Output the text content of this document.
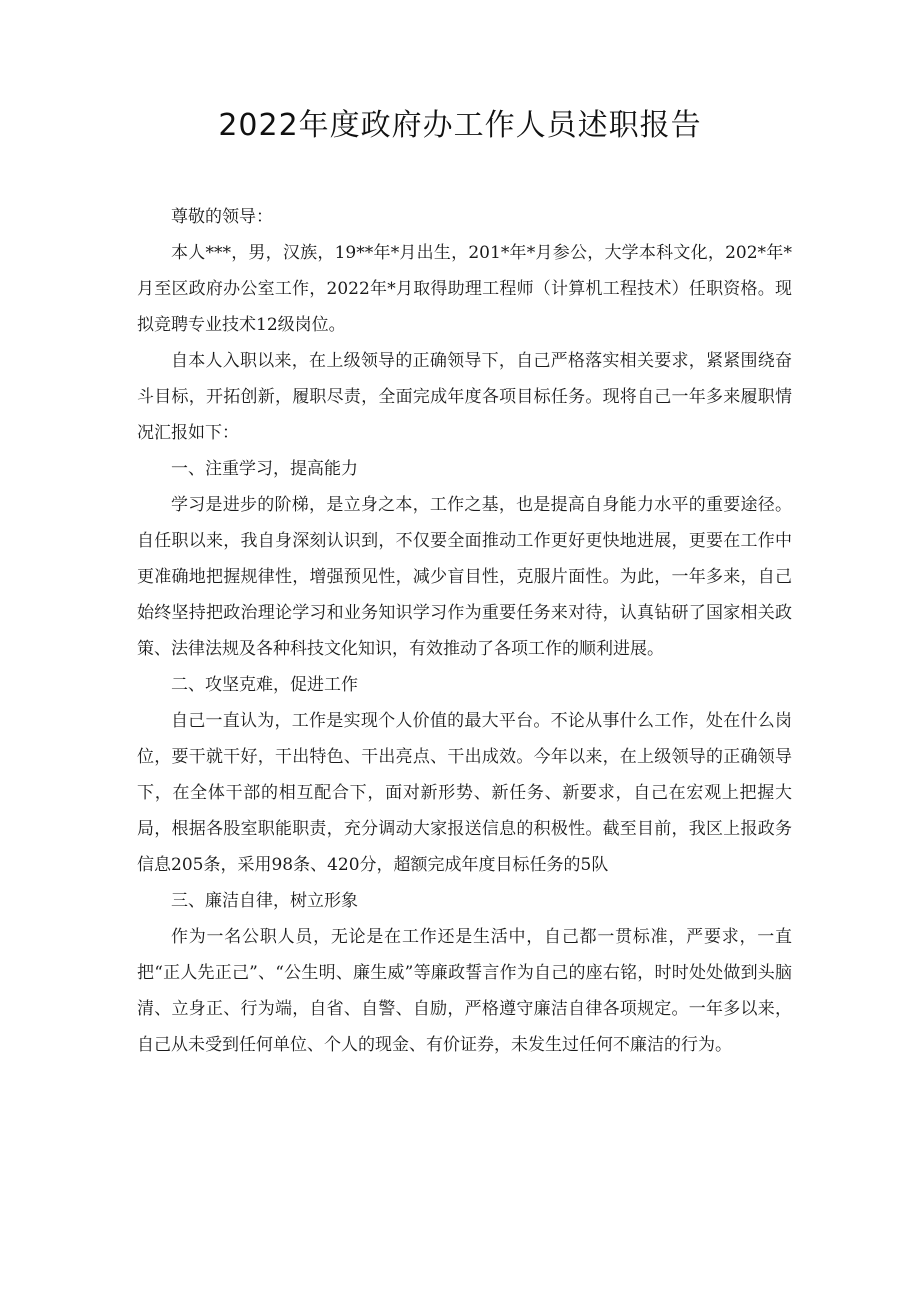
2022年度政府办工作人员述职报告

尊敬的领导：

本人***，男，汉族，19**年*月出生，201*年*月参公，大学本科文化，202*年*月至区政府办公室工作，2022年*月取得助理工程师（计算机工程技术）任职资格。现拟竞聘专业技术12级岗位。

自本人入职以来，在上级领导的正确领导下，自己严格落实相关要求，紧紧围绕奋斗目标，开拓创新，履职尽责，全面完成年度各项目标任务。现将自己一年多来履职情况汇报如下：

一、注重学习，提高能力

学习是进步的阶梯，是立身之本，工作之基，也是提高自身能力水平的重要途径。自任职以来，我自身深刻认识到，不仅要全面推动工作更好更快地进展，更要在工作中更准确地把握规律性，增强预见性，减少盲目性，克服片面性。为此，一年多来，自己始终坚持把政治理论学习和业务知识学习作为重要任务来对待，认真钻研了国家相关政策、法律法规及各种科技文化知识，有效推动了各项工作的顺利进展。

二、攻坚克难，促进工作

自己一直认为，工作是实现个人价值的最大平台。不论从事什么工作，处在什么岗位，要干就干好，干出特色、干出亮点、干出成效。今年以来，在上级领导的正确领导下，在全体干部的相互配合下，面对新形势、新任务、新要求，自己在宏观上把握大局，根据各股室职能职责，充分调动大家报送信息的积极性。截至目前，我区上报政务信息205条，采用98条、420分，超额完成年度目标任务的5队

三、廉洁自律，树立形象

作为一名公职人员，无论是在工作还是生活中，自己都一贯标准，严要求，一直把“正人先正己”、“公生明、廉生威”等廉政誓言作为自己的座右铭，时时处处做到头脑清、立身正、行为端，自省、自警、自励，严格遵守廉洁自律各项规定。一年多以来，自己从未受到任何单位、个人的现金、有价证券，未发生过任何不廉洁的行为。
